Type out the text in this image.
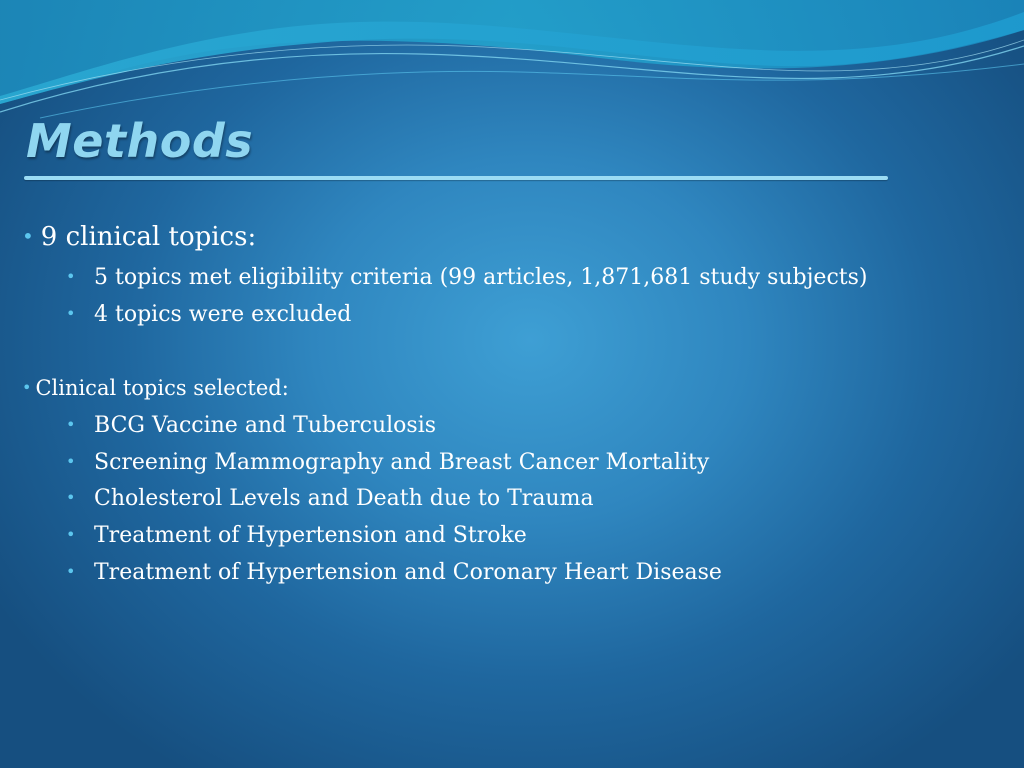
Methods
• 9 clinical topics:
• 5 topics met eligibility criteria (99 articles, 1,871,681 study subjects)
• 4 topics were excluded
• Clinical topics selected:
• BCG Vaccine and Tuberculosis
• Screening Mammography and Breast Cancer Mortality
• Cholesterol Levels and Death due to Trauma
• Treatment of Hypertension and Stroke
• Treatment of Hypertension and Coronary Heart Disease
